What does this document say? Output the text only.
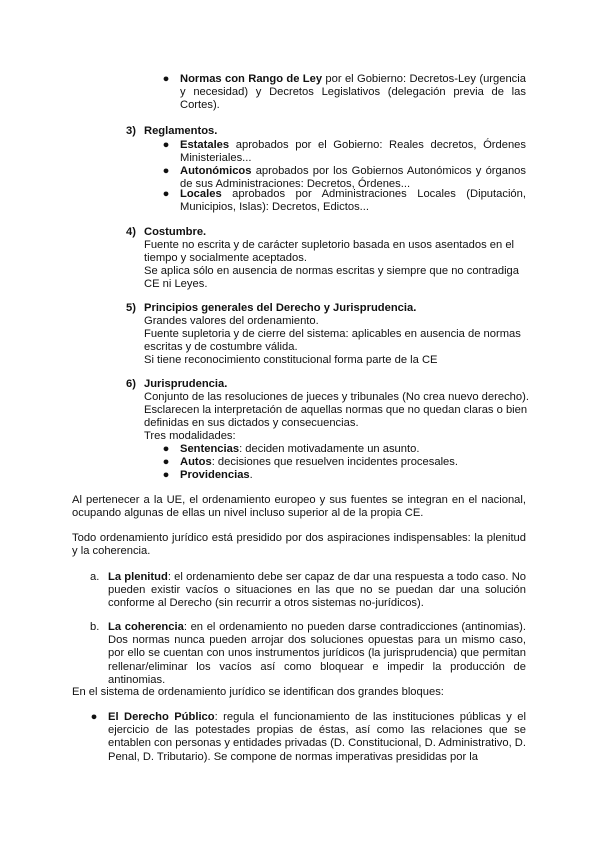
● Normas con Rango de Ley por el Gobierno: Decretos-Ley (urgencia y necesidad) y Decretos Legislativos (delegación previa de las Cortes).
3) Reglamentos.
● Estatales aprobados por el Gobierno: Reales decretos, Órdenes Ministeriales...
● Autonómicos aprobados por los Gobiernos Autonómicos y órganos de sus Administraciones: Decretos, Órdenes...
● Locales aprobados por Administraciones Locales (Diputación, Municipios, Islas): Decretos, Edictos...
4) Costumbre.
Fuente no escrita y de carácter supletorio basada en usos asentados en el
tiempo y socialmente aceptados.
Se aplica sólo en ausencia de normas escritas y siempre que no contradiga
CE ni Leyes.
5) Principios generales del Derecho y Jurisprudencia.
Grandes valores del ordenamiento.
Fuente supletoria y de cierre del sistema: aplicables en ausencia de normas
escritas y de costumbre válida.
Si tiene reconocimiento constitucional forma parte de la CE
6) Jurisprudencia.
Conjunto de las resoluciones de jueces y tribunales (No crea nuevo derecho).
Esclarecen la interpretación de aquellas normas que no quedan claras o bien
definidas en sus dictados y consecuencias.
Tres modalidades:
● Sentencias: deciden motivadamente un asunto.
● Autos: decisiones que resuelven incidentes procesales.
● Providencias.
Al pertenecer a la UE, el ordenamiento europeo y sus fuentes se integran en el nacional, ocupando algunas de ellas un nivel incluso superior al de la propia CE.
Todo ordenamiento jurídico está presidido por dos aspiraciones indispensables: la plenitud y la coherencia.
a. La plenitud: el ordenamiento debe ser capaz de dar una respuesta a todo caso. No pueden existir vacíos o situaciones en las que no se puedan dar una solución conforme al Derecho (sin recurrir a otros sistemas no-jurídicos).
b. La coherencia: en el ordenamiento no pueden darse contradicciones (antinomias). Dos normas nunca pueden arrojar dos soluciones opuestas para un mismo caso, por ello se cuentan con unos instrumentos jurídicos (la jurisprudencia) que permitan rellenar/eliminar los vacíos así como bloquear e impedir la producción de antinomias.
En el sistema de ordenamiento jurídico se identifican dos grandes bloques:
● El Derecho Público: regula el funcionamiento de las instituciones públicas y el ejercicio de las potestades propias de éstas, así como las relaciones que se entablen con personas y entidades privadas (D. Constitucional, D. Administrativo, D. Penal, D. Tributario). Se compone de normas imperativas presididas por la
